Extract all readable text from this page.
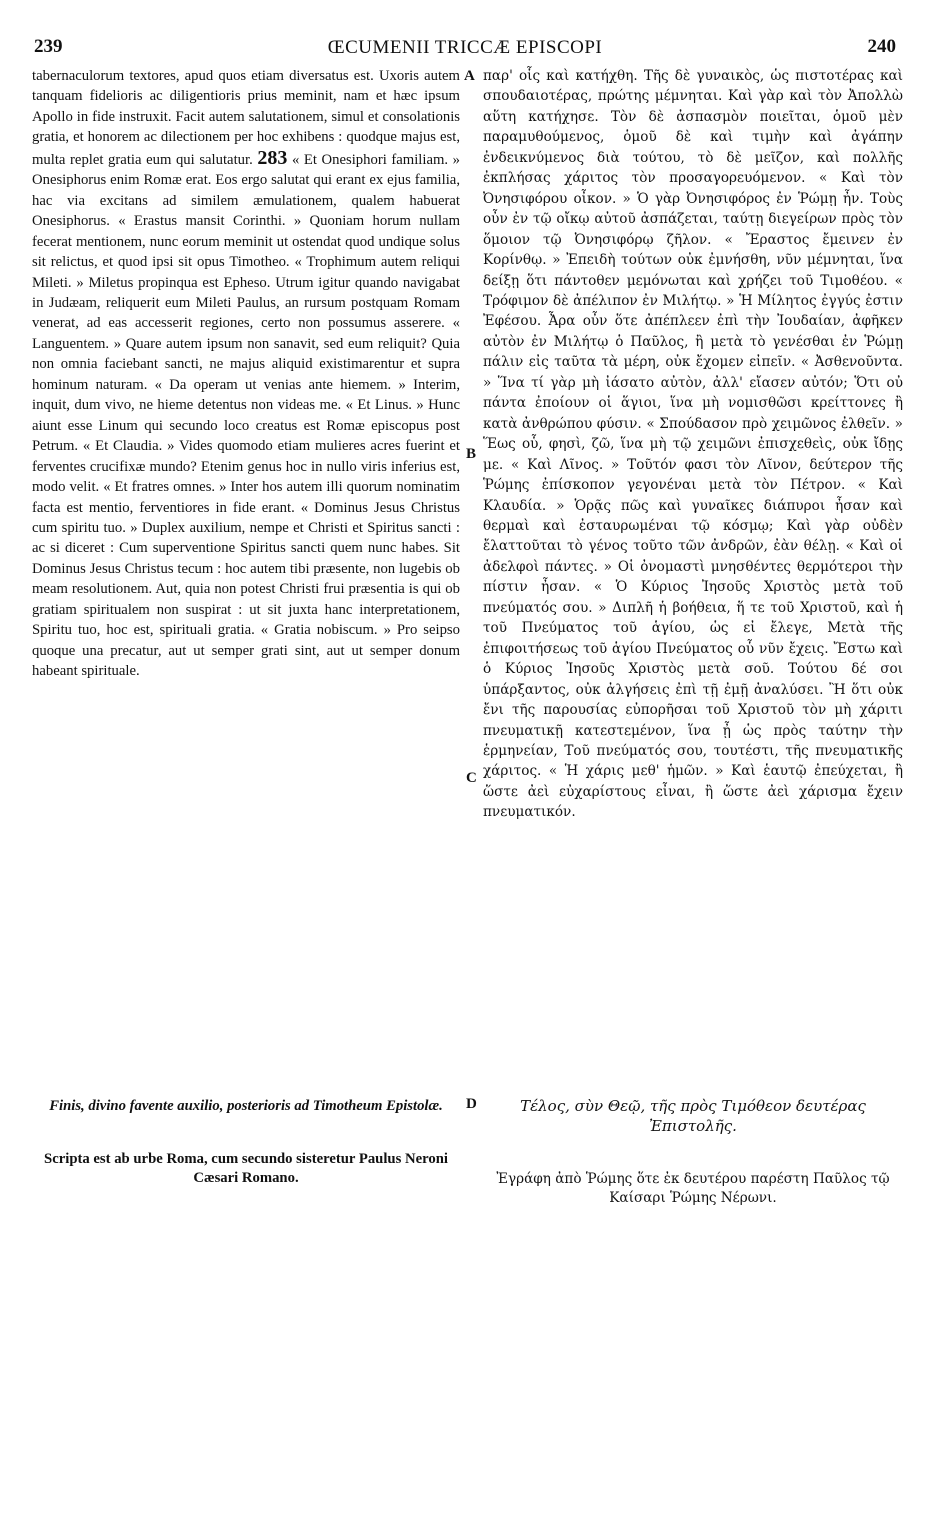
239	ŒCUMENII TRICCÆ EPISCOPI	240

tabernaculorum textores, apud quos etiam diversatus est. Uxoris autem tanquam fidelioris ac diligentioris prius meminit, nam et hæc ipsum Apollo in fide instruxit. Facit autem salutationem, simul et consolationis gratia, et honorem ac dilectionem per hoc exhibens : quodque majus est, multa replet gratia eum qui salutatur. 283 « Et Onesiphori familiam. » Onesiphorus enim Romæ erat. Eos ergo salutat qui erant ex ejus familia, hac via excitans ad similem æmulationem, qualem habuerat Onesiphorus. « Erastus mansit Corinthi. » Quoniam horum nullam fecerat mentionem, nunc eorum meminit ut ostendat quod undique solus sit relictus, et quod ipsi sit opus Timotheo. « Trophimum autem reliqui Mileti. » Miletus propinqua est Epheso. Utrum igitur quando navigabat in Judæam, reliquerit eum Mileti Paulus, an rursum postquam Romam venerat, ad eas accesserit regiones, certo non possumus asserere. « Languentem. » Quare autem ipsum non sanavit, sed eum reliquit? Quia non omnia faciebant sancti, ne majus aliquid existimarentur et supra hominum naturam. « Da operam ut venias ante hiemem. » Interim, inquit, dum vivo, ne hieme detentus non videas me. « Et Linus. » Hunc aiunt esse Linum qui secundo loco creatus est Romæ episcopus post Petrum. « Et Claudia. » Vides quomodo etiam mulieres acres fuerint et ferventes crucifixæ mundo? Etenim genus hoc in nullo viris inferius est, modo velit. « Et fratres omnes. » Inter hos autem illi quorum nominatim facta est mentio, ferventiores in fide erant. « Dominus Jesus Christus cum spiritu tuo. » Duplex auxilium, nempe et Christi et Spiritus sancti : ac si diceret : Cum superventione Spiritus sancti quem nunc habes. Sit Dominus Jesus Christus tecum : hoc autem tibi præsente, non lugebis ob meam resolutionem. Aut, quia non potest Christi frui præsentia is qui ob gratiam spiritualem non suspirat : ut sit juxta hanc interpretationem, Spiritu tuo, hoc est, spirituali gratia. « Gratia nobiscum. » Pro seipso quoque una precatur, aut ut semper grati sint, aut ut semper donum habeant spirituale.

A
B
C
D

παρ' οἷς καὶ κατήχθη. Τῆς δὲ γυναικὸς, ὡς πιστοτέρας καὶ σπουδαιοτέρας, πρώτης μέμνηται. Καὶ γὰρ καὶ τὸν Ἀπολλὼ αὕτη κατήχησε. Τὸν δὲ ἀσπασμὸν ποιεῖται, ὁμοῦ μὲν παραμυθούμενος, ὁμοῦ δὲ καὶ τιμὴν καὶ ἀγάπην ἐνδεικνύμενος διὰ τούτου, τὸ δὲ μεῖζον, καὶ πολλῆς ἐκπλήσας χάριτος τὸν προσαγορευόμενον. « Καὶ τὸν Ὀνησιφόρου οἶκον. » Ὁ γὰρ Ὀνησιφόρος ἐν Ῥώμῃ ἦν. Τοὺς οὖν ἐν τῷ οἴκῳ αὐτοῦ ἀσπάζεται, ταύτῃ διεγείρων πρὸς τὸν ὅμοιον τῷ Ὀνησιφόρῳ ζῆλον. « Ἔραστος ἔμεινεν ἐν Κορίνθῳ. » Ἐπειδὴ τούτων οὐκ ἐμνήσθη, νῦν μέμνηται, ἵνα δείξῃ ὅτι πάντοθεν μεμόνωται καὶ χρήζει τοῦ Τιμοθέου. « Τρόφιμον δὲ ἀπέλιπον ἐν Μιλήτῳ. » Ἡ Μίλητος ἐγγύς ἐστιν Ἐφέσου. Ἆρα οὖν ὅτε ἀπέπλεεν ἐπὶ τὴν Ἰουδαίαν, ἀφῆκεν αὐτὸν ἐν Μιλήτῳ ὁ Παῦλος, ἢ μετὰ τὸ γενέσθαι ἐν Ῥώμῃ πάλιν εἰς ταῦτα τὰ μέρη, οὐκ ἔχομεν εἰπεῖν. « Ἀσθενοῦντα. » Ἵνα τί γὰρ μὴ ἰάσατο αὐτὸν, ἀλλ' εἴασεν αὐτόν; Ὅτι οὐ πάντα ἐποίουν οἱ ἅγιοι, ἵνα μὴ νομισθῶσι κρείττονες ἢ κατὰ ἀνθρώπου φύσιν. « Σπούδασον πρὸ χειμῶνος ἐλθεῖν. » Ἕως οὗ, φησὶ, ζῶ, ἵνα μὴ τῷ χειμῶνι ἐπισχεθεὶς, οὐκ ἴδῃς με. « Καὶ Λῖνος. » Τοῦτόν φασι τὸν Λῖνον, δεύτερον τῆς Ῥώμης ἐπίσκοπον γεγονέναι μετὰ τὸν Πέτρον. « Καὶ Κλαυδία. » Ὁρᾷς πῶς καὶ γυναῖκες διάπυροι ἦσαν καὶ θερμαὶ καὶ ἐσταυρωμέναι τῷ κόσμῳ; Καὶ γὰρ οὐδὲν ἔλαττοῦται τὸ γένος τοῦτο τῶν ἀνδρῶν, ἐὰν θέλῃ. « Καὶ οἱ ἀδελφοὶ πάντες. » Οἱ ὀνομαστὶ μνησθέντες θερμότεροι τὴν πίστιν ἦσαν. « Ὁ Κύριος Ἰησοῦς Χριστὸς μετὰ τοῦ πνεύματός σου. » Διπλῆ ἡ βοήθεια, ἥ τε τοῦ Χριστοῦ, καὶ ἡ τοῦ Πνεύματος τοῦ ἁγίου, ὡς εἰ ἔλεγε, Μετὰ τῆς ἐπιφοιτήσεως τοῦ ἁγίου Πνεύματος οὗ νῦν ἔχεις. Ἔστω καὶ ὁ Κύριος Ἰησοῦς Χριστὸς μετὰ σοῦ. Τούτου δέ σοι ὑπάρξαντος, οὐκ ἀλγήσεις ἐπὶ τῇ ἐμῇ ἀναλύσει. Ἢ ὅτι οὐκ ἔνι τῆς παρουσίας εὐπορῆσαι τοῦ Χριστοῦ τὸν μὴ χάριτι πνευματικῇ κατεστεμένον, ἵνα ᾖ ὡς πρὸς ταύτην τὴν ἑρμηνείαν, Τοῦ πνεύματός σου, τουτέστι, τῆς πνευματικῆς χάριτος. « Ἡ χάρις μεθ' ἡμῶν. » Καὶ ἑαυτῷ ἐπεύχεται, ἢ ὥστε ἀεὶ εὐχαρίστους εἶναι, ἢ ὥστε ἀεὶ χάρισμα ἔχειν πνευματικόν.

Finis, divino favente auxilio, posterioris ad Timotheum Epistolæ.

Scripta est ab urbe Roma, cum secundo sisteretur Paulus Neroni Cæsari Romano.

Τέλος, σὺν Θεῷ, τῆς πρὸς Τιμόθεον δευτέρας Ἐπιστολῆς.

Ἐγράφη ἀπὸ Ῥώμης ὅτε ἐκ δευτέρου παρέστη Παῦλος τῷ Καίσαρι Ῥώμης Νέρωνι.
